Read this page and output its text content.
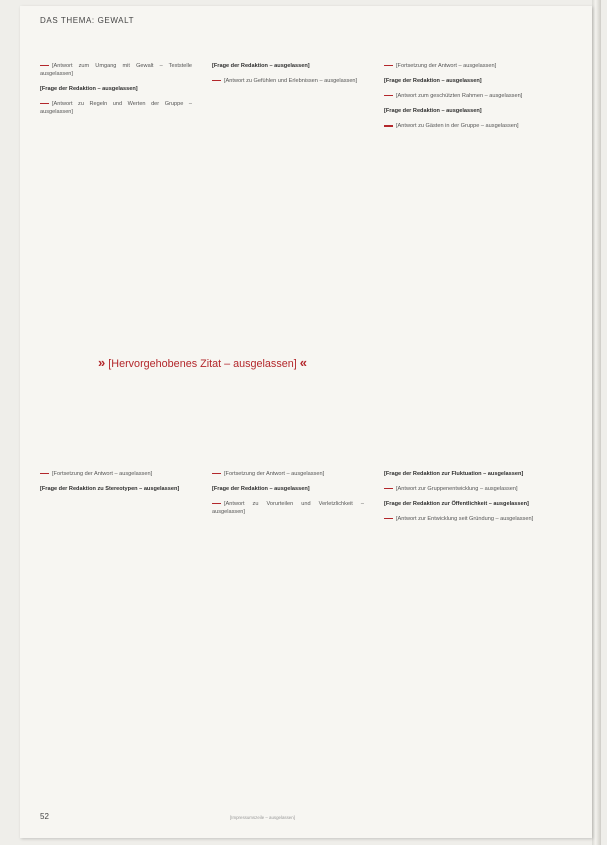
DAS THEMA: GEWALT

[Antwort zum Umgang mit Gewalt – Textstelle ausgelassen]

[Frage der Redaktion – ausgelassen]

[Antwort zu Regeln und Werten der Gruppe – ausgelassen]

[Frage der Redaktion – ausgelassen]

[Antwort zu Gefühlen und Erlebnissen – ausgelassen]

[Fortsetzung der Antwort – ausgelassen]

[Frage der Redaktion – ausgelassen]

[Antwort zum geschützten Rahmen – ausgelassen]

[Frage der Redaktion – ausgelassen]

[Antwort zu Gästen in der Gruppe – ausgelassen]

» [Hervorgehobenes Zitat – ausgelassen] «

[Fortsetzung der Antwort – ausgelassen]

[Frage der Redaktion zu Stereotypen – ausgelassen]

[Fortsetzung der Antwort – ausgelassen]

[Frage der Redaktion – ausgelassen]

[Antwort zu Vorurteilen und Verletzlichkeit – ausgelassen]

[Frage der Redaktion zur Fluktuation – ausgelassen]

[Antwort zur Gruppenentwicklung – ausgelassen]

[Frage der Redaktion zur Öffentlichkeit – ausgelassen]

[Antwort zur Entwicklung seit Gründung – ausgelassen]

52	[Impressumszeile – ausgelassen]
